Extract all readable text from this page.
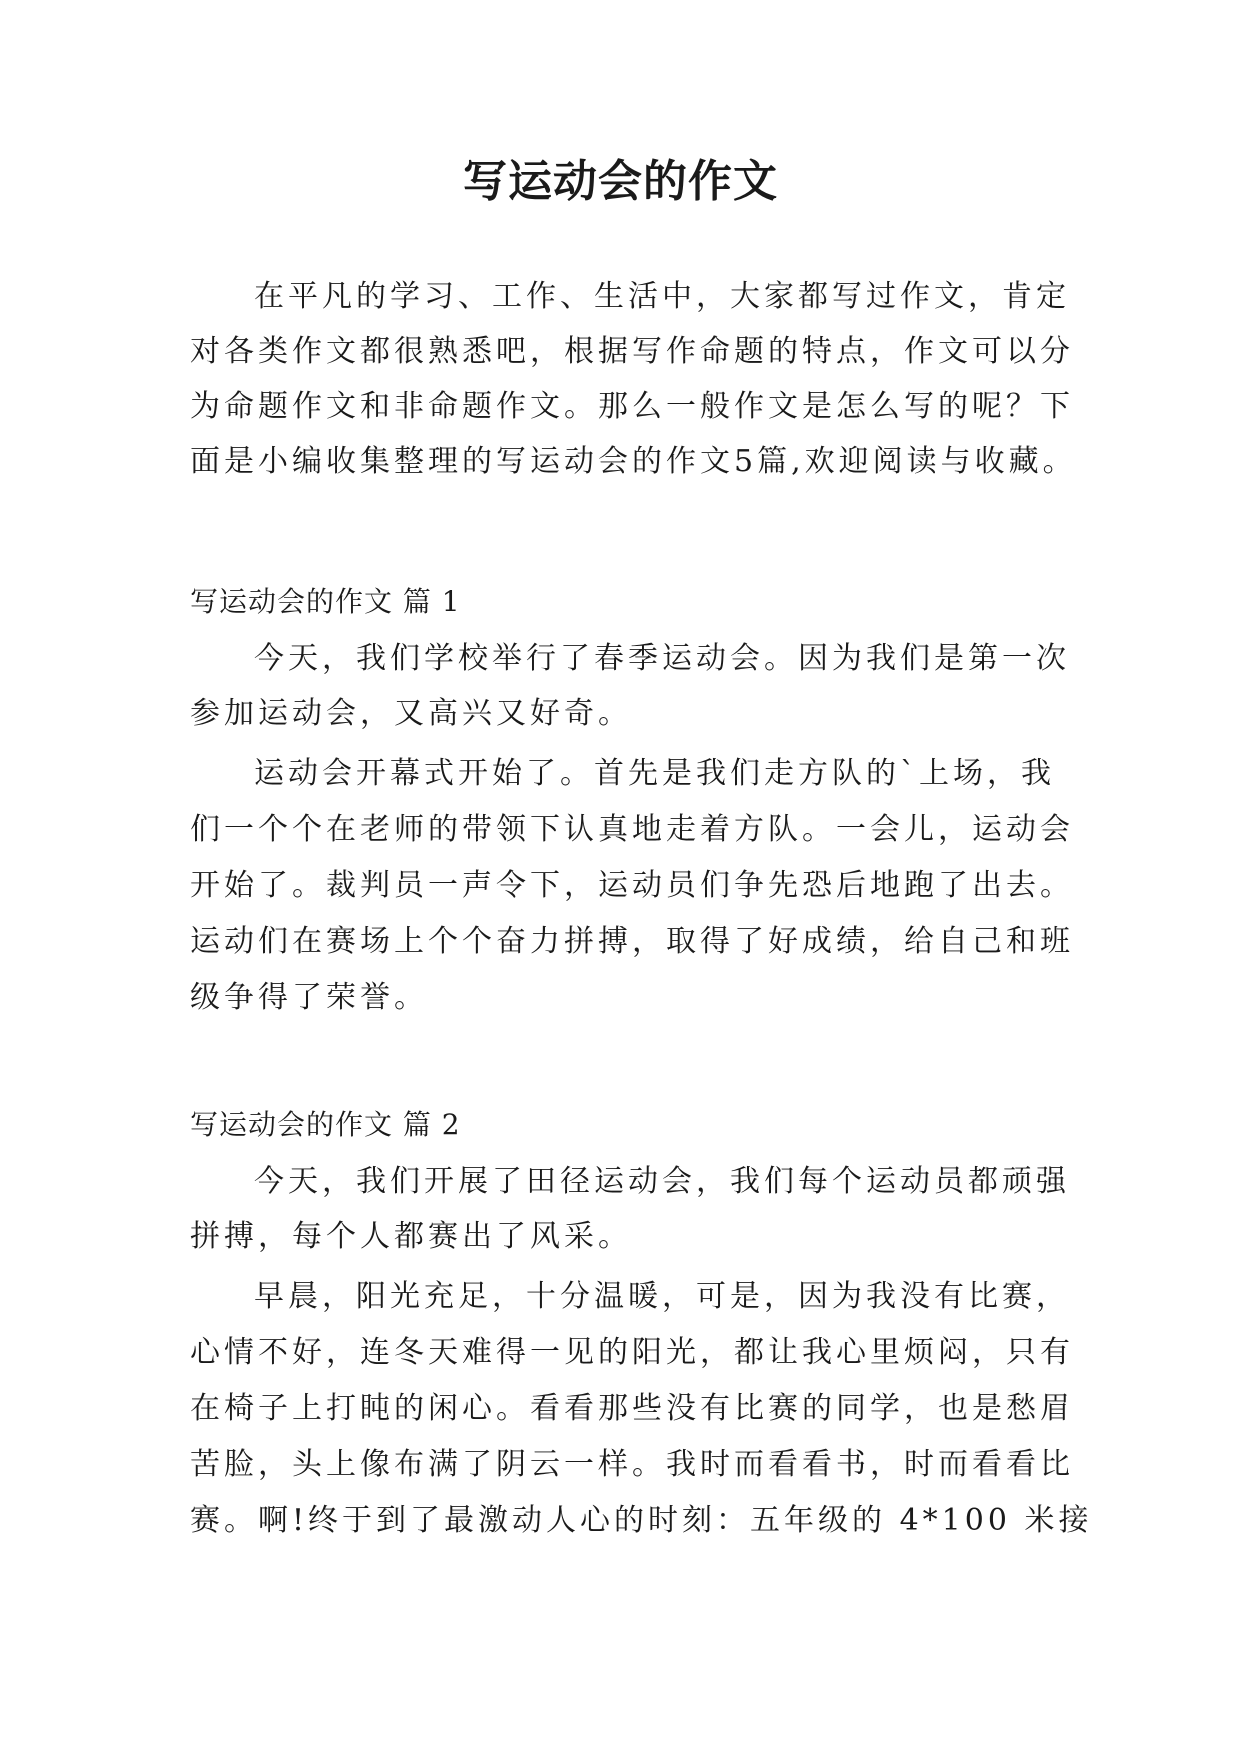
写运动会的作文
在平凡的学习、工作、生活中，大家都写过作文，肯定
对各类作文都很熟悉吧，根据写作命题的特点，作文可以分
为命题作文和非命题作文。那么一般作文是怎么写的呢？下
面是小编收集整理的写运动会的作文5篇,欢迎阅读与收藏。
写运动会的作文 篇 1
今天，我们学校举行了春季运动会。因为我们是第一次
参加运动会，又高兴又好奇。
运动会开幕式开始了。首先是我们走方队的`上场，我
们一个个在老师的带领下认真地走着方队。一会儿，运动会
开始了。裁判员一声令下，运动员们争先恐后地跑了出去。
运动们在赛场上个个奋力拼搏，取得了好成绩，给自己和班
级争得了荣誉。
写运动会的作文 篇 2
今天，我们开展了田径运动会，我们每个运动员都顽强
拼搏，每个人都赛出了风采。
早晨，阳光充足，十分温暖，可是，因为我没有比赛，
心情不好，连冬天难得一见的阳光，都让我心里烦闷，只有
在椅子上打盹的闲心。看看那些没有比赛的同学，也是愁眉
苦脸，头上像布满了阴云一样。我时而看看书，时而看看比
赛。啊!终于到了最激动人心的时刻：五年级的 4*100 米接
